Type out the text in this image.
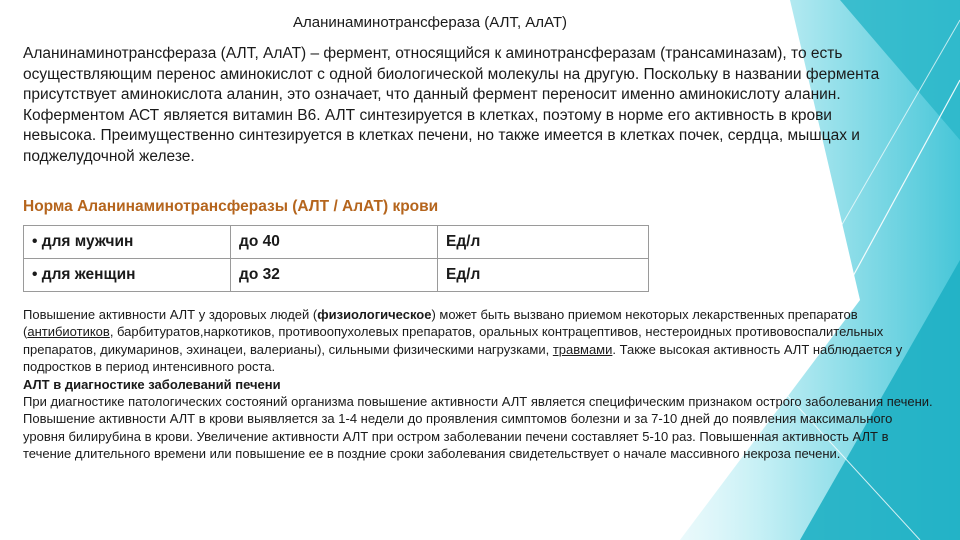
Аланинаминотрансфераза (АЛТ, АлАТ)
Аланинаминотрансфераза (АЛТ, АлАТ) – фермент, относящийся к аминотрансферазам (трансаминазам), то есть осуществляющим перенос аминокислот с одной биологической молекулы на другую. Поскольку в названии фермента присутствует аминокислота аланин, это означает, что данный фермент переносит именно аминокислоту аланин. Коферментом АСТ является витамин В6. АЛТ синтезируется в клетках, поэтому в норме его активность в крови невысока. Преимущественно синтезируется в клетках печени, но также имеется в клетках почек, сердца, мышцах и поджелудочной железе.
Норма Аланинаминотрансферазы (АЛТ / АлАТ) крови
• для мужчин	до 40	Ед/л
• для женщин	до 32	Ед/л

Повышение активности АЛТ у здоровых людей (физиологическое) может быть вызвано приемом некоторых лекарственных препаратов (антибиотиков, барбитуратов,наркотиков, противоопухолевых препаратов, оральных контрацептивов, нестероидных противовоспалительных препаратов, дикумаринов, эхинацеи, валерианы), сильными физическими нагрузками, травмами. Также высокая активность АЛТ наблюдается у подростков в период интенсивного роста.

АЛТ в диагностике заболеваний печени

При диагностике патологических состояний организма повышение активности АЛТ является специфическим признаком острого заболевания печени. Повышение активности АЛТ в крови выявляется за 1-4 недели до проявления симптомов болезни и за 7-10 дней до появления максимального уровня билирубина в крови. Увеличение активности АЛТ при остром заболевании печени составляет 5-10 раз. Повышенная активность АЛТ в течение длительного времени или повышение ее в поздние сроки заболевания свидетельствует о начале массивного некроза печени.
